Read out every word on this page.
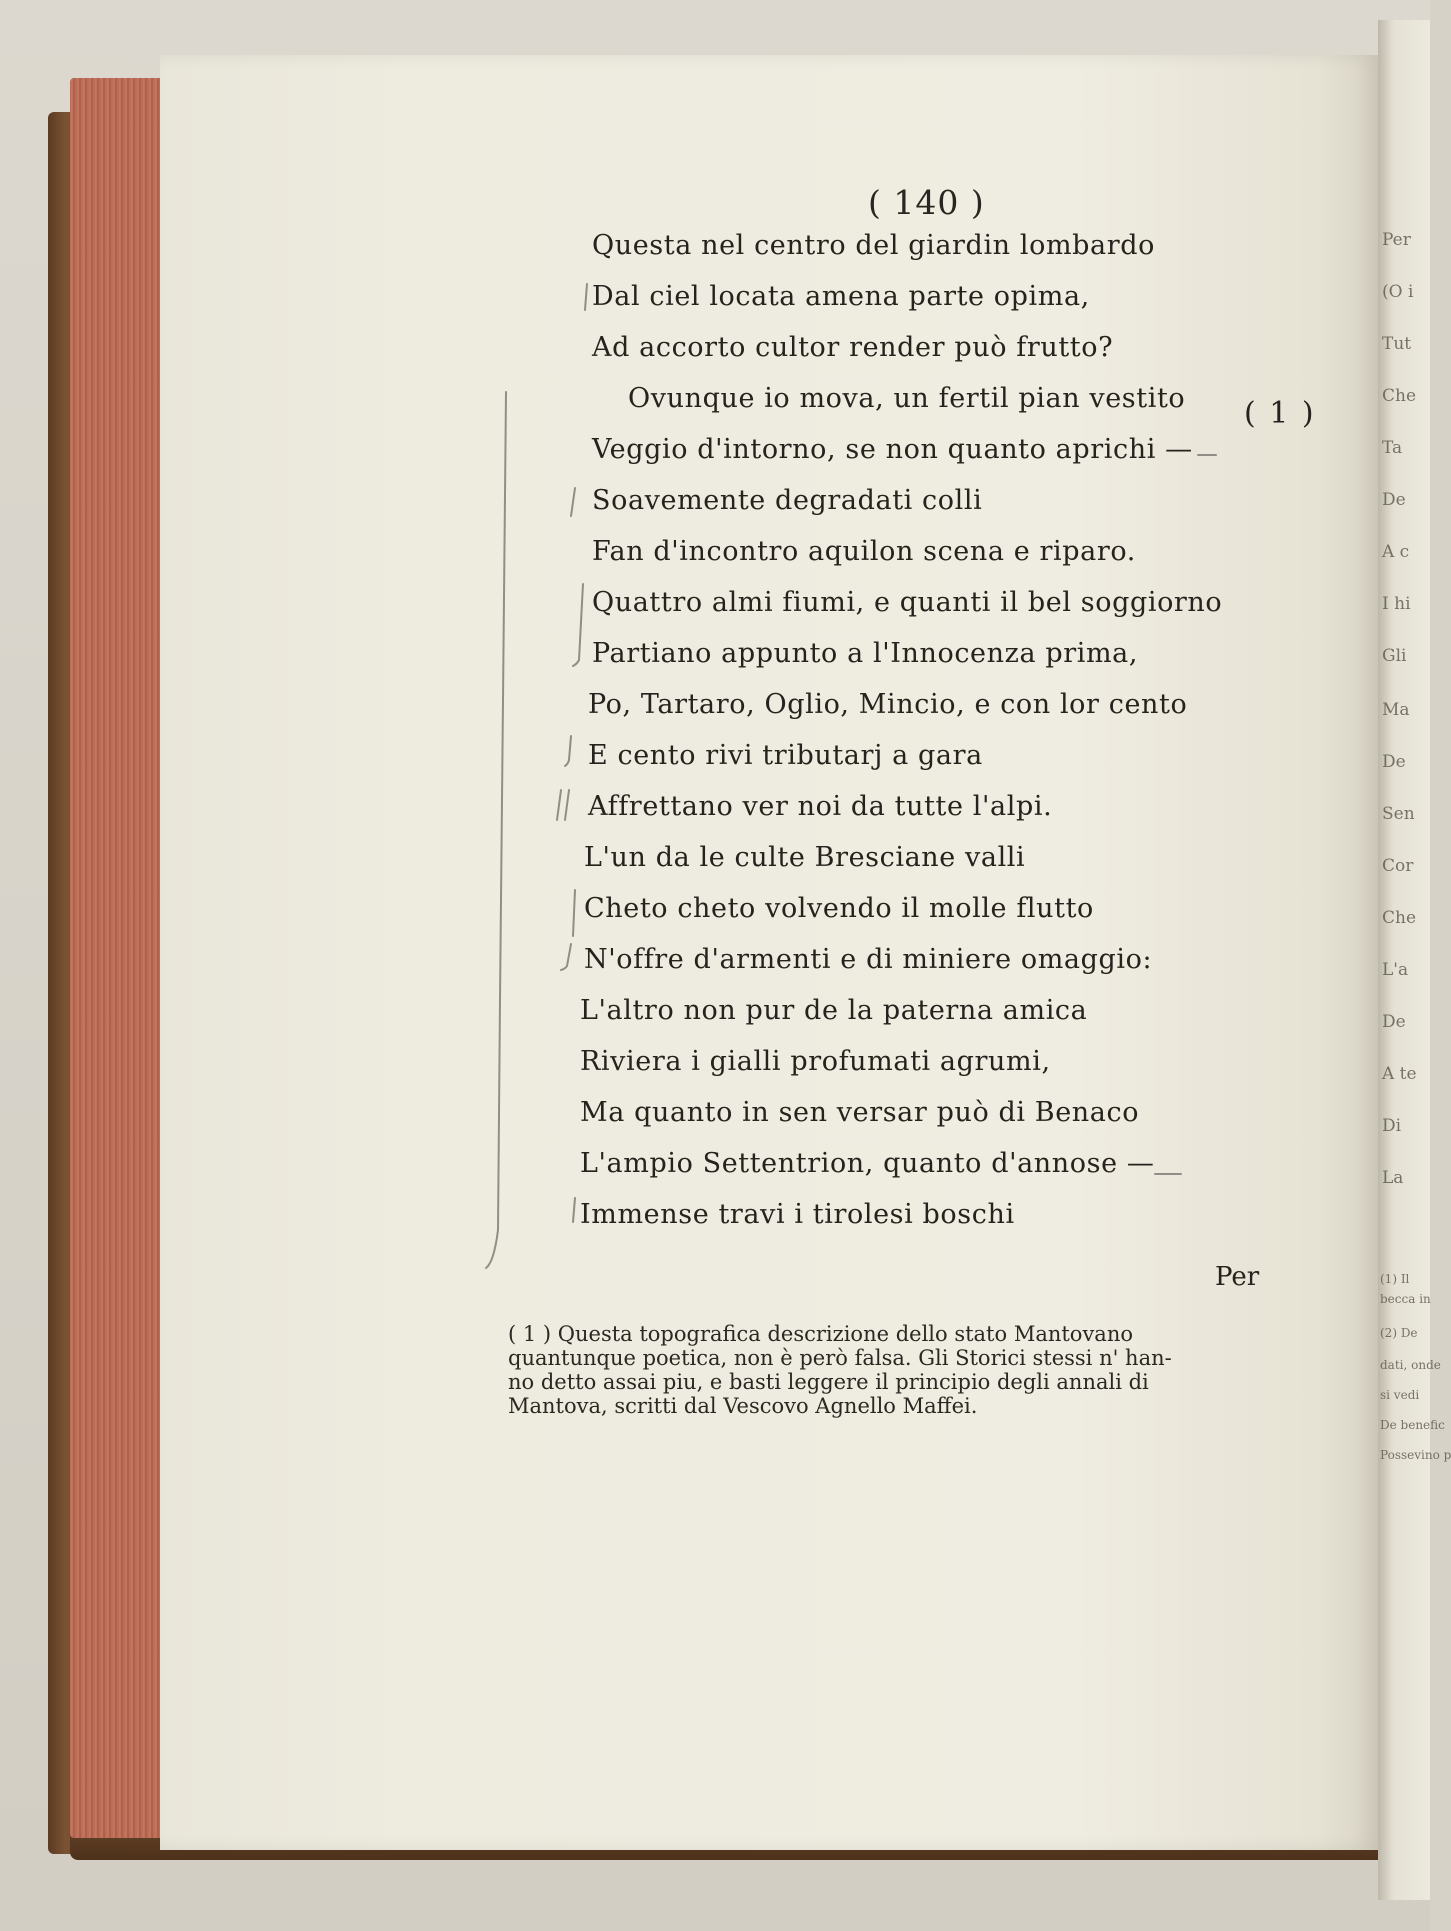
( 140 )
Questa nel centro del giardin lombardo
Dal ciel locata amena parte opima,
Ad accorto cultor render può frutto?
Ovunque io mova, un fertil pian vestito
Veggio d'intorno, se non quanto aprichi —
Soavemente degradati colli
Fan d'incontro aquilon scena e riparo.
Quattro almi fiumi, e quanti il bel soggiorno
Partiano appunto a l'Innocenza prima,
Po, Tartaro, Oglio, Mincio, e con lor cento
E cento rivi tributarj a gara
Affrettano ver noi da tutte l'alpi.
L'un da le culte Bresciane valli
Cheto cheto volvendo il molle flutto
N'offre d'armenti e di miniere omaggio:
L'altro non pur de la paterna amica
Riviera i gialli profumati agrumi,
Ma quanto in sen versar può di Benaco
L'ampio Settentrion, quanto d'annose —
Immense travi i tirolesi boschi
( 1 )
Per
( 1 ) Questa topografica descrizione dello stato Mantovano
quantunque poetica, non è però falsa. Gli Storici stessi n' han-
no detto assai piu, e basti leggere il principio degli annali di
Mantova, scritti dal Vescovo Agnello Maffei.
Per
(O i
Tut
Che
Ta
De
A c
I hi
Gli
Ma
De
Sen
Cor
Che
L'a
De
A te
Di
La
(1) Il
becca in
(2) De
dati, onde
si vedi
De benefic
Possevino p
